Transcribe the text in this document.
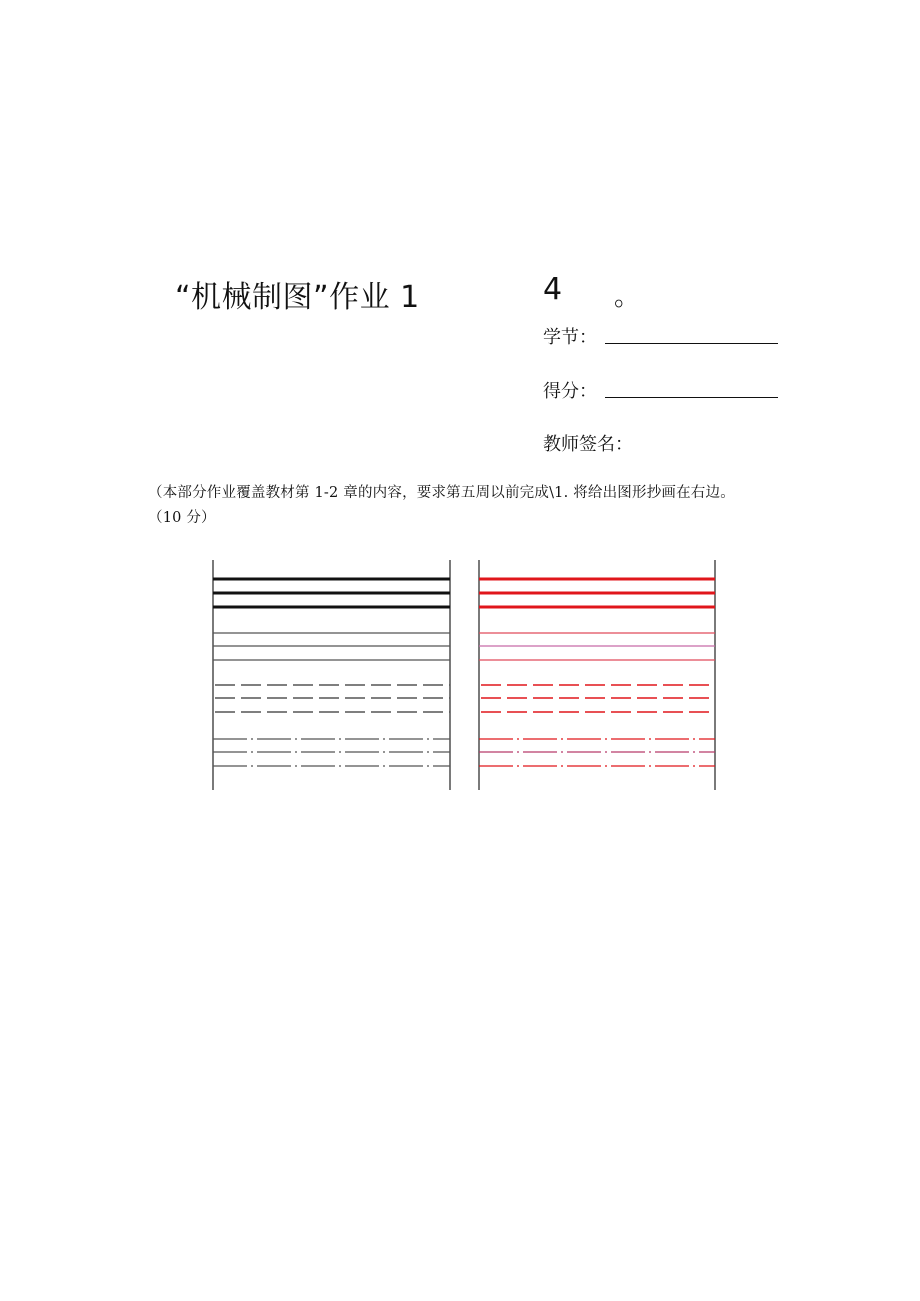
“机械制图”作业 1	4 。
学节：
得分：
教师签名：
（本部分作业覆盖教材第 1-2 章的内容，要求第五周以前完成\1. 将给出图形抄画在右边。
（10 分）
